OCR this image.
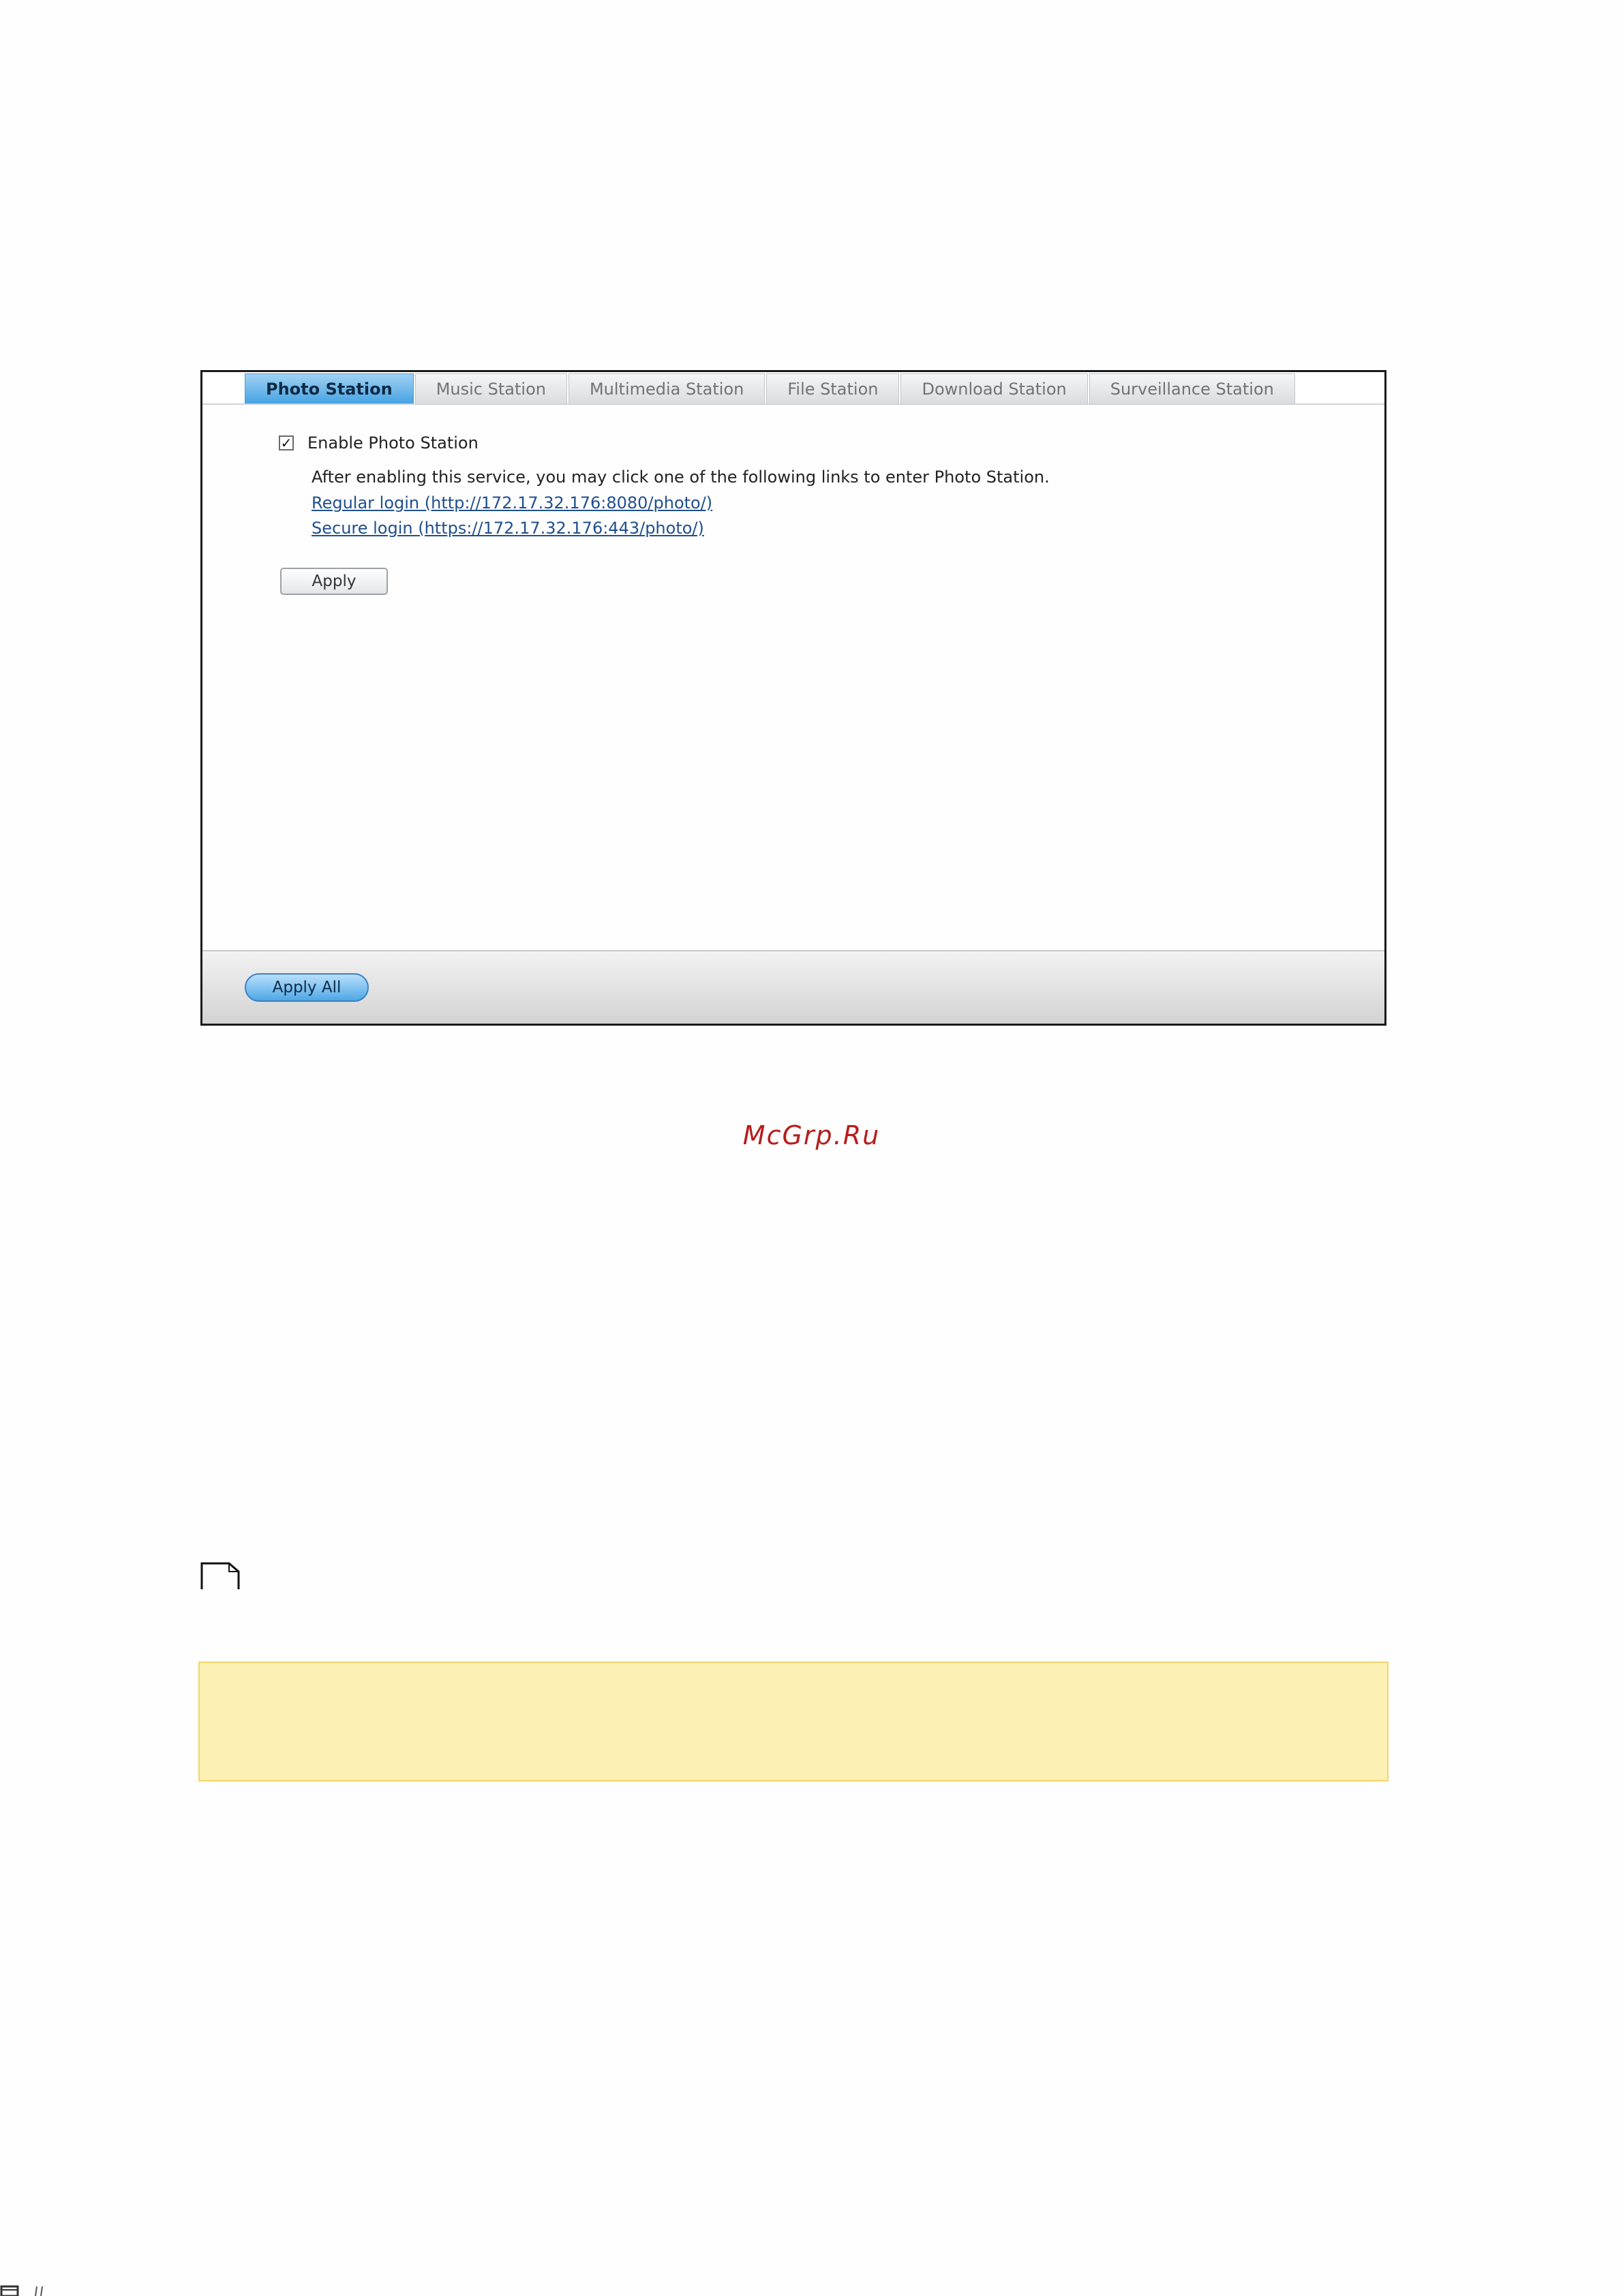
Photo Station	Music Station	Multimedia Station	File Station	Download Station	Surveillance Station
✓ Enable Photo Station
After enabling this service, you may click one of the following links to enter Photo Station.
Regular login (http://172.17.32.176:8080/photo/)
Secure login (https://172.17.32.176:443/photo/)
Apply
Apply All
McGrp.Ru
